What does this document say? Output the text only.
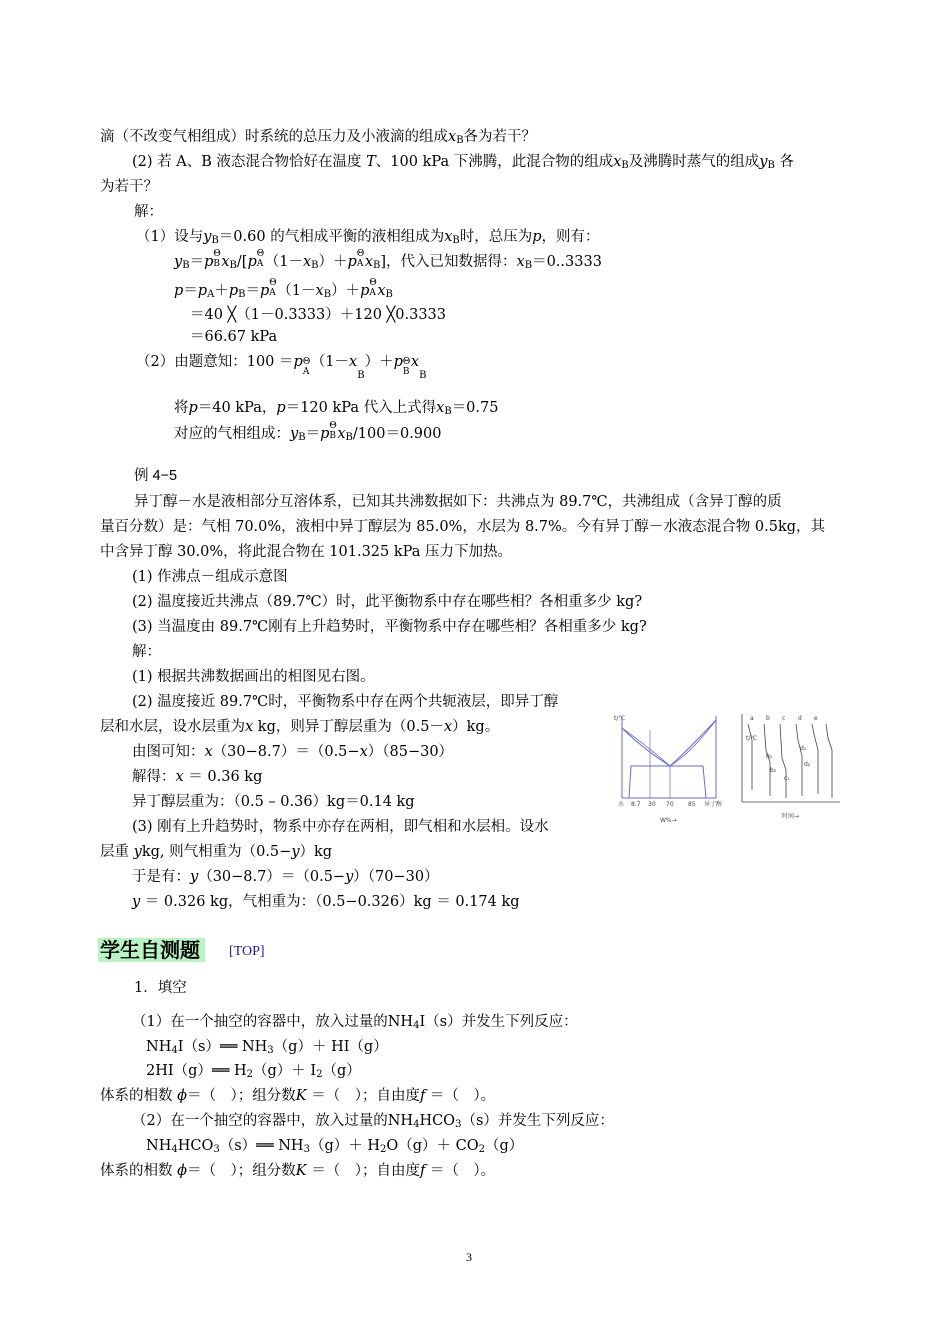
滴（不改变气相组成）时系统的总压力及小液滴的组成$x_B$各为若干？
(2) 若 A、B 液态混合物恰好在温度 T、100 kPa 下沸腾，此混合物的组成$x_B$及沸腾时蒸气的组成$y_B$ 各
为若干？
解：
（1）设与$y_B=0.60$ 的气相成平衡的液相组成为$x_B$时，总压为p，则有：
$y_B=p$ Θ
B $x_B/[p$ Θ
A $(1-x_B)+p$ Θ
A $x_B$]，代入已知数据得：$x_B=0..3333$
$p=p_A+p_B=p$ Θ
A $(1-x_B)+p$ Θ
A $x_B$
＝40 ╳（1－0.3333）＋120 ╳0.3333
＝66.67 kPa
（2）由题意知：100 ＝p Θ
A
$(1-x_B)+p$ Θ
B
$x_B$
将p＝40 kPa，p＝120 kPa 代入上式得$x_B=0.75$
对应的气相组成：$y_B=p$ Θ
B $x_B/100=0.900$
例 4−5
异丁醇－水是液相部分互溶体系，已知其共沸数据如下：共沸点为 89.7℃，共沸组成（含异丁醇的质
量百分数）是：气相 70.0%，液相中异丁醇层为 85.0%，水层为 8.7%。今有异丁醇－水液态混合物 0.5kg，其
中含异丁醇 30.0%，将此混合物在 101.325 kPa 压力下加热。
(1) 作沸点－组成示意图
(2) 温度接近共沸点（89.7℃）时，此平衡物系中存在哪些相？各相重多少 kg?
(3) 当温度由 89.7℃刚有上升趋势时，平衡物系中存在哪些相？各相重多少 kg?
解：
(1) 根据共沸数据画出的相图见右图。
(2) 温度接近 89.7℃时，平衡物系中存在两个共轭液层，即异丁醇
层和水层，设水层重为x kg，则异丁醇层重为（0.5－x）kg。
由图可知：x（30−8.7）＝（0.5−x）（85−30）
解得：x ＝ 0.36 kg
异丁醇层重为：（0.5 – 0.36）kg＝0.14 kg
(3) 刚有上升趋势时，物系中亦存在两相，即气相和水层相。设水
层重 ykg, 则气相重为（0.5−y）kg
于是有：y（30−8.7）＝（0.5−y）（70−30）
y ＝ 0.326 kg，气相重为：（0.5−0.326）kg ＝ 0.174 kg
t/℃
水 8.7 30 70 85 异丁醇
W%→
t/℃
a b c d e
b₁
b₂
c₁
d₁
d₂
时间→
学生自测题	[TOP]
1．填空
（1）在一个抽空的容器中，放入过量的$NH_4I(s)$并发生下列反应：
$NH_4I(s)══$ $NH_3(g)+ HI(g)$
2HI（g）══ $H_2(g)+ I_2(g)$
体系的相数 ϕ＝（　）；组分数K ＝（　）；自由度f ＝（　）。
（2）在一个抽空的容器中，放入过量的$NH_4HCO_3(s)$并发生下列反应：
$NH_4HCO_3(s)══$ $NH_3(g)+ H_2O(g)+ CO_2(g)$
体系的相数 ϕ＝（　）；组分数K ＝（　）；自由度f ＝（　）。
3
